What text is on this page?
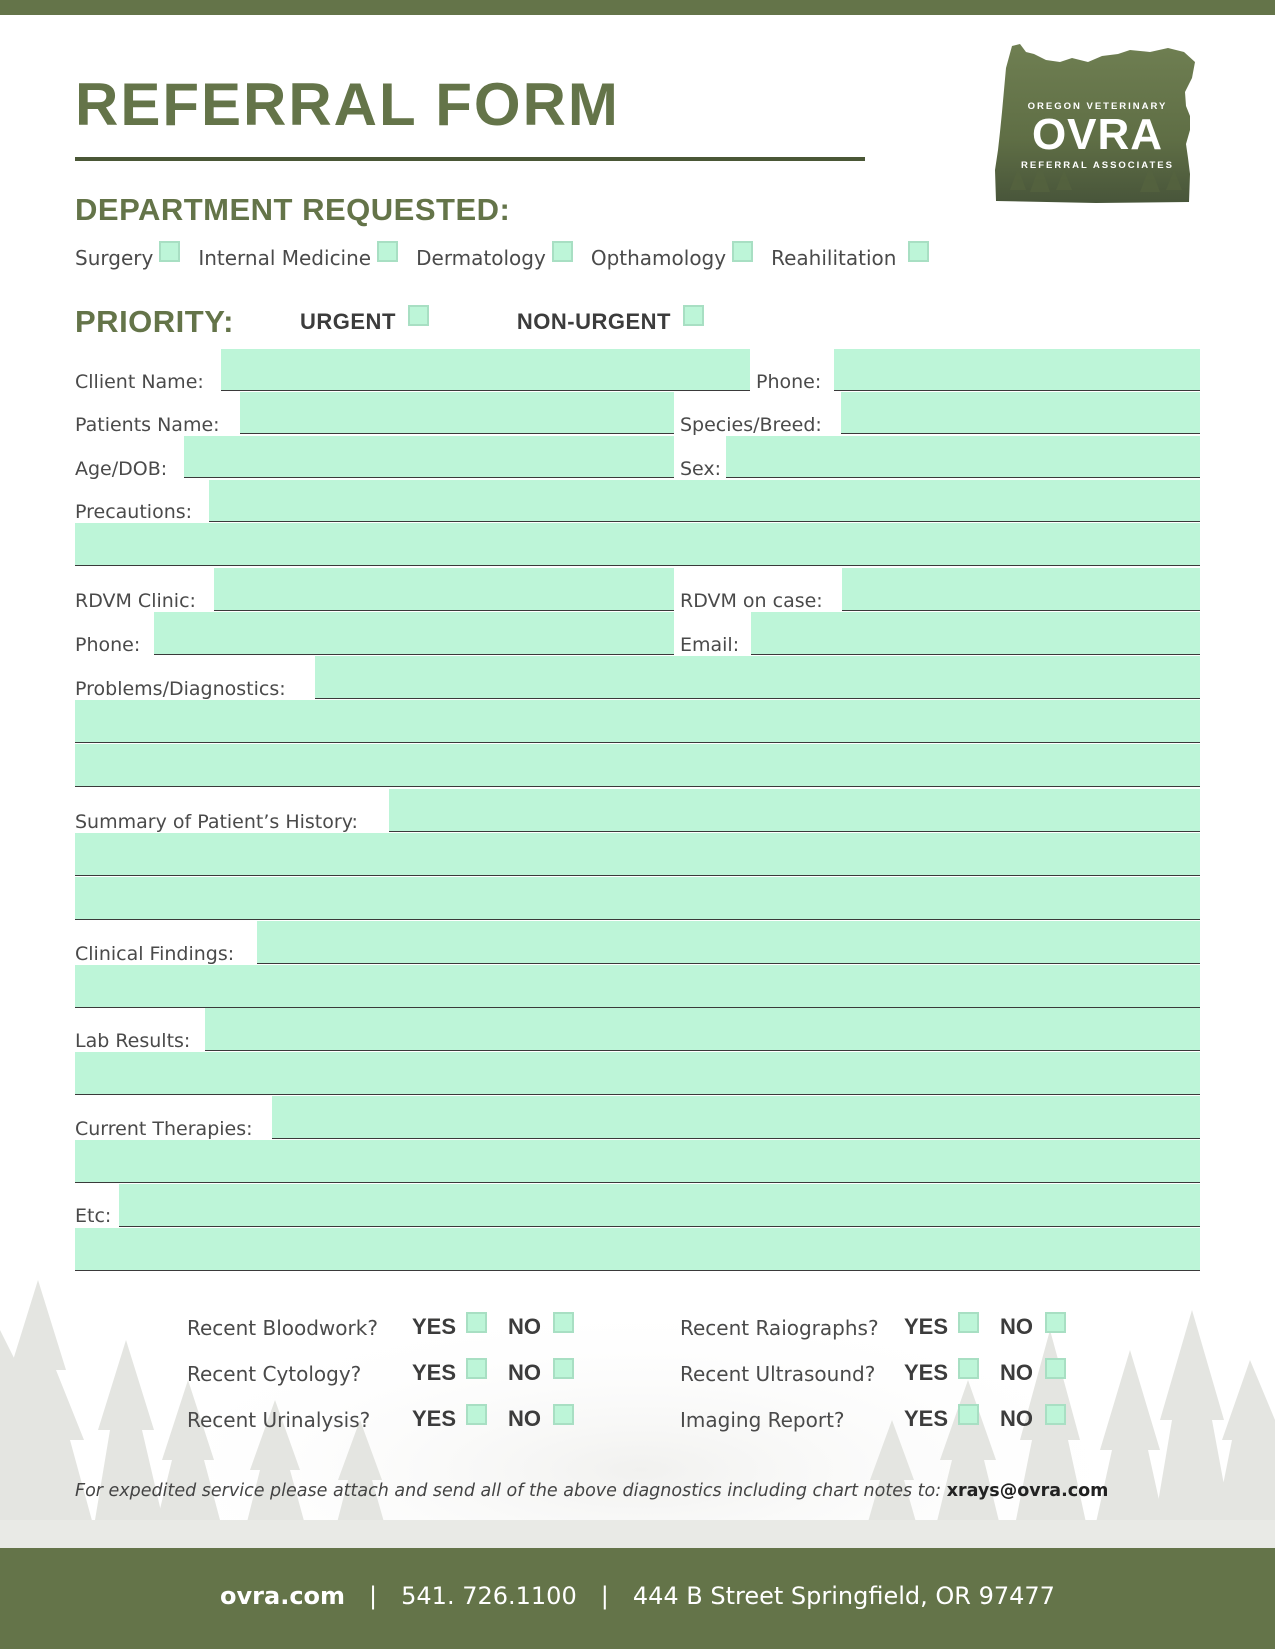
REFERRAL FORM	OREGON VETERINARY
OVRA
REFERRAL ASSOCIATES
DEPARTMENT REQUESTED:
Surgery Internal Medicine Dermatology Opthamology Reahilitation
PRIORITY:	URGENT	NON-URGENT
Cllient Name:	Phone:
Patients Name:	Species/Breed:
Age/DOB:	Sex:
Precautions:
RDVM Clinic:	RDVM on case:
Phone:	Email:
Problems/Diagnostics:
Summary of Patient’s History:
Clinical Findings:
Lab Results:
Current Therapies:
Etc:
Recent Bloodwork? YES NO
Recent Cytology? YES NO
Recent Urinalysis? YES NO
Recent Raiographs? YES NO
Recent Ultrasound? YES NO
Imaging Report?	YES NO
For expedited service please attach and send all of the above diagnostics including chart notes to: xrays@ovra.com
ovra.com | 541. 726.1100 | 444 B Street Springfield, OR 97477
